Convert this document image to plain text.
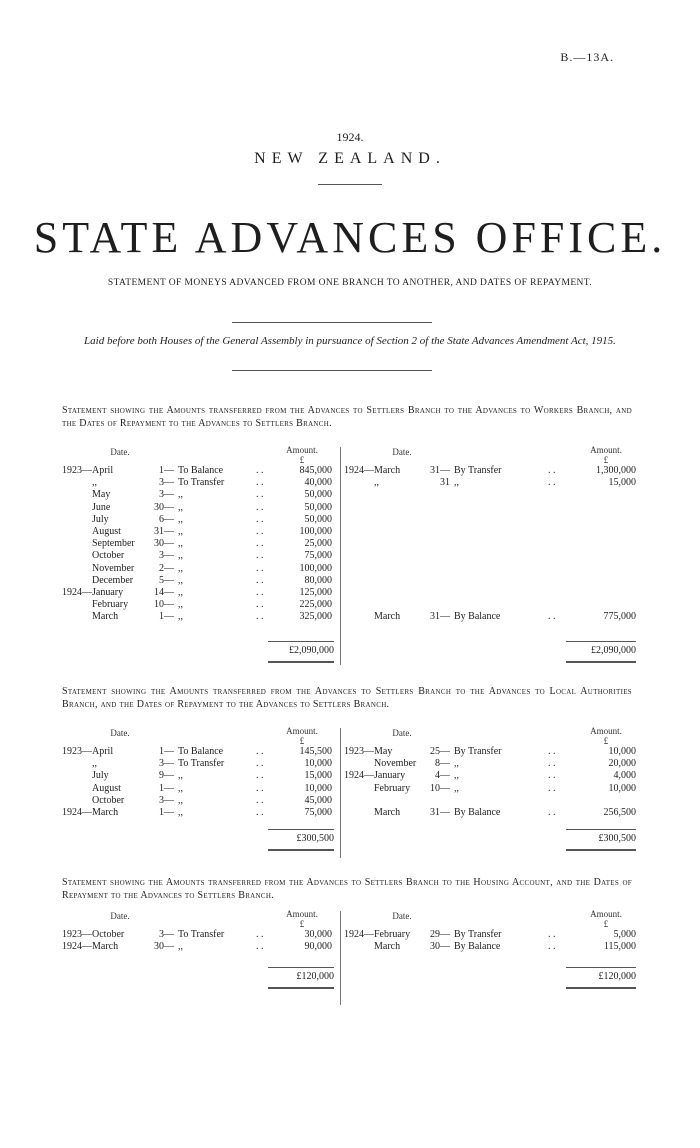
B.—13A.
1924.
NEW ZEALAND.
STATE ADVANCES OFFICE.
STATEMENT OF MONEYS ADVANCED FROM ONE BRANCH TO ANOTHER, AND DATES OF REPAYMENT.
Laid before both Houses of the General Assembly in pursuance of Section 2 of the State Advances Amendment Act, 1915.
Statement showing the Amounts transferred from the Advances to Settlers Branch to the Advances to Workers Branch, and the Dates of Repayment to the Advances to Settlers Branch.
Date.	Amount.
£
Date.	Amount.
£
1923— April	1— To Balance	. .	845,000
,,	3— To Transfer	. .	40,000
May	3— ,,	. .	50,000
June	30— ,,	. .	50,000
July	6— ,,	. .	50,000
August	31— ,,	. .	100,000
September	30— ,,	. .	25,000
October	3— ,,	. .	75,000
November	2— ,,	. .	100,000
December	5— ,,	. .	80,000
1924— January	14— ,,	. .	125,000
February	10— ,,	. .	225,000
March	1— ,,	. .	325,000
1924— March	31— By Transfer	. .	1,300,000
,,	31 ,,	. .	15,000
March	31— By Balance	. .	775,000
£2,090,000	£2,090,000
Statement showing the Amounts transferred from the Advances to Settlers Branch to the Advances to Local Authorities Branch, and the Dates of Repayment to the Advances to Settlers Branch.
Date.	Amount.
£
Date.	Amount.
£
1923— April	1— To Balance	. .	145,500
,,	3— To Transfer	. .	10,000
July	9— ,,	. .	15,000
August	1— ,,	. .	10,000
October	3— ,,	. .	45,000
1924— March	1— ,,	. .	75,000
1923— May	25— By Transfer	. .	10,000
November	8— ,,	. .	20,000
1924— January	4— ,,	. .	4,000
February	10— ,,	. .	10,000
March	31— By Balance	. .	256,500
£300,500	£300,500
Statement showing the Amounts transferred from the Advances to Settlers Branch to the Housing Account, and the Dates of Repayment to the Advances to Settlers Branch.
Date.	Amount.
£
Date.	Amount.
£
1923— October	3— To Transfer	. .	30,000
1924— March	30— ,,	. .	90,000
1924— February	29— By Transfer	. .	5,000
March	30— By Balance	. .	115,000
£120,000	£120,000
